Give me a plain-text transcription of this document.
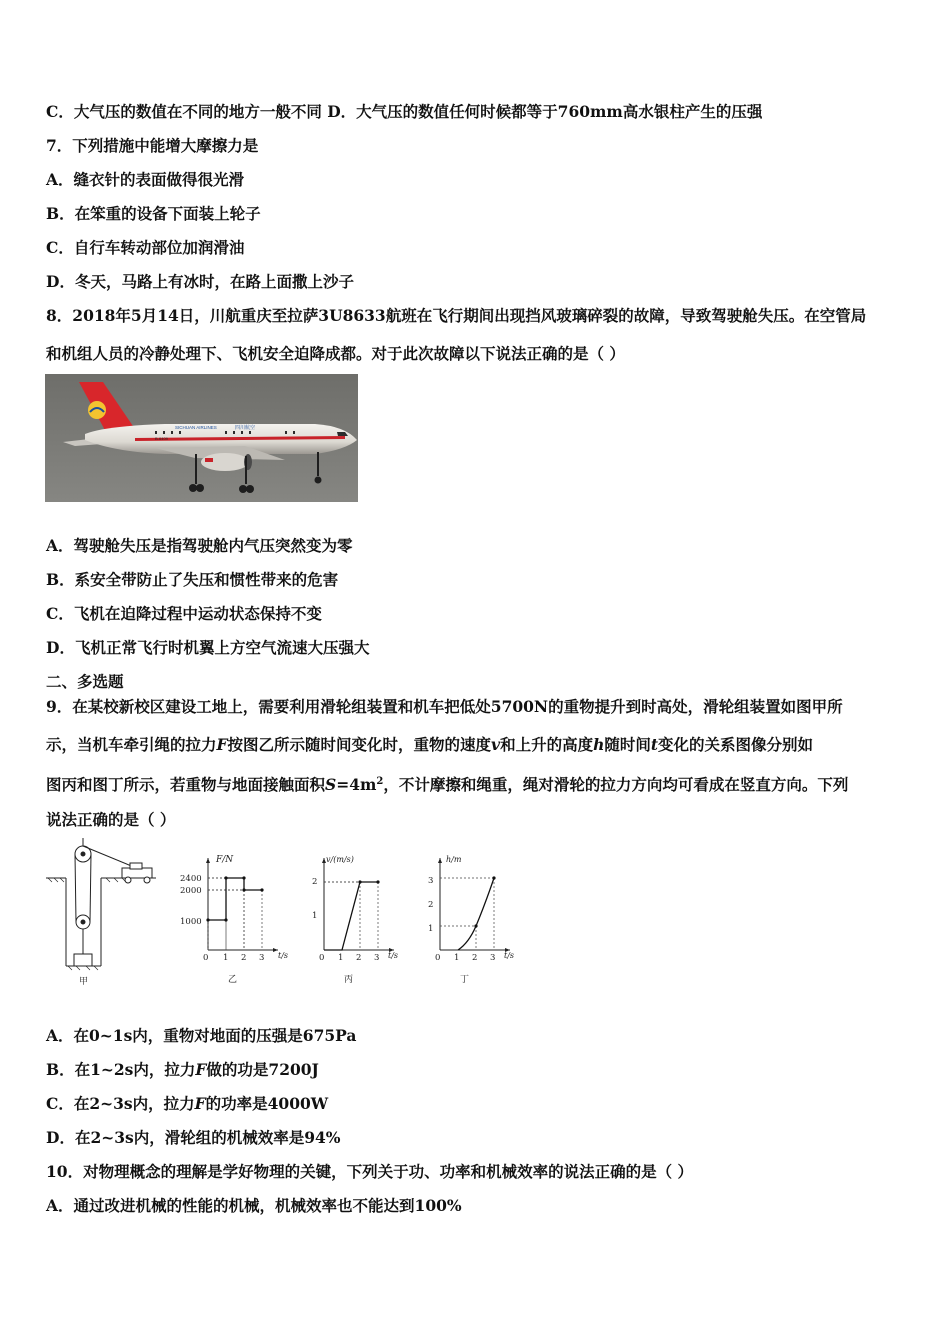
C．大气压的数值在不同的地方一般不同 D．大气压的数值任何时候都等于760mm高水银柱产生的压强
7．下列措施中能增大摩擦力是
A．缝衣针的表面做得很光滑
B．在笨重的设备下面装上轮子
C．自行车转动部位加润滑油
D．冬天，马路上有冰时，在路上面撒上沙子
8．2018年5月14日，川航重庆至拉萨3U8633航班在飞行期间出现挡风玻璃碎裂的故障，导致驾驶舱失压。在空管局
和机组人员的冷静处理下、飞机安全迫降成都。对于此次故障以下说法正确的是（ ）
SICHUAN AIRLINES	四川航空
B-6409
A．驾驶舱失压是指驾驶舱内气压突然变为零
B．系安全带防止了失压和惯性带来的危害
C．飞机在迫降过程中运动状态保持不变
D．飞机正常飞行时机翼上方空气流速大压强大
二、多选题
9．在某校新校区建设工地上，需要利用滑轮组装置和机车把低处5700N的重物提升到时高处，滑轮组装置如图甲所
示，当机车牵引绳的拉力F按图乙所示随时间变化时，重物的速度v和上升的高度h随时间t变化的关系图像分别如
图丙和图丁所示，若重物与地面接触面积$S=4m^2$，不计摩擦和绳重，绳对滑轮的拉力方向均可看成在竖直方向。下列
说法正确的是（ ）
甲
F/N
t/s
2400
2000
1000
0 1 2 3
乙
v/(m/s)
t/s
2
1
0 1 2 3
丙
h/m
t/s
3
2
1
0 1 2 3
丁
A．在0~1s内，重物对地面的压强是675Pa
B．在1~2s内，拉力F做的功是7200J
C．在2~3s内，拉力F的功率是4000W
D．在2~3s内，滑轮组的机械效率是94%
10．对物理概念的理解是学好物理的关键，下列关于功、功率和机械效率的说法正确的是（ ）
A．通过改进机械的性能的机械，机械效率也不能达到100%
